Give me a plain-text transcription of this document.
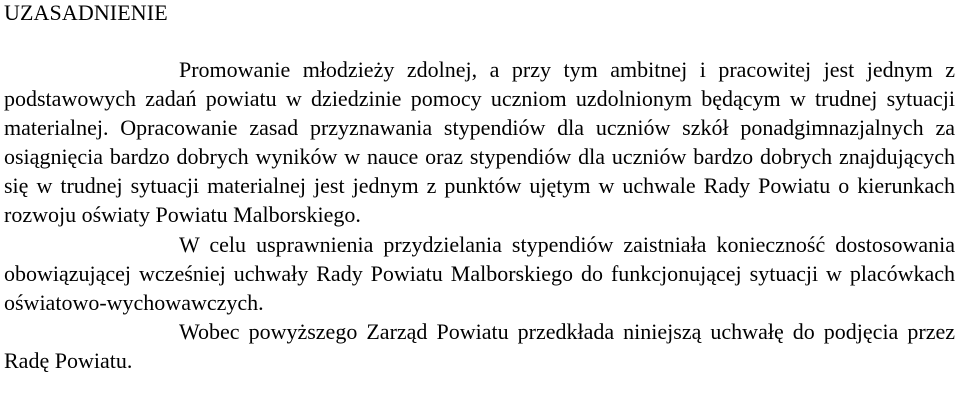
UZASADNIENIE

Promowanie młodzieży zdolnej, a przy tym ambitnej i pracowitej jest jednym z podstawowych zadań powiatu w dziedzinie pomocy uczniom uzdolnionym będącym w trudnej sytuacji materialnej. Opracowanie zasad przyznawania stypendiów dla uczniów szkół ponadgimnazjalnych za osiągnięcia bardzo dobrych wyników w nauce oraz stypendiów dla uczniów bardzo dobrych znajdujących się w trudnej sytuacji materialnej jest jednym z punktów ujętym w uchwale Rady Powiatu o kierunkach rozwoju oświaty Powiatu Malborskiego.

W celu usprawnienia przydzielania stypendiów zaistniała konieczność dostosowania obowiązującej wcześniej uchwały Rady Powiatu Malborskiego do funkcjonującej sytuacji w placówkach oświatowo-wychowawczych.

Wobec powyższego Zarząd Powiatu przedkłada niniejszą uchwałę do podjęcia przez Radę Powiatu.
